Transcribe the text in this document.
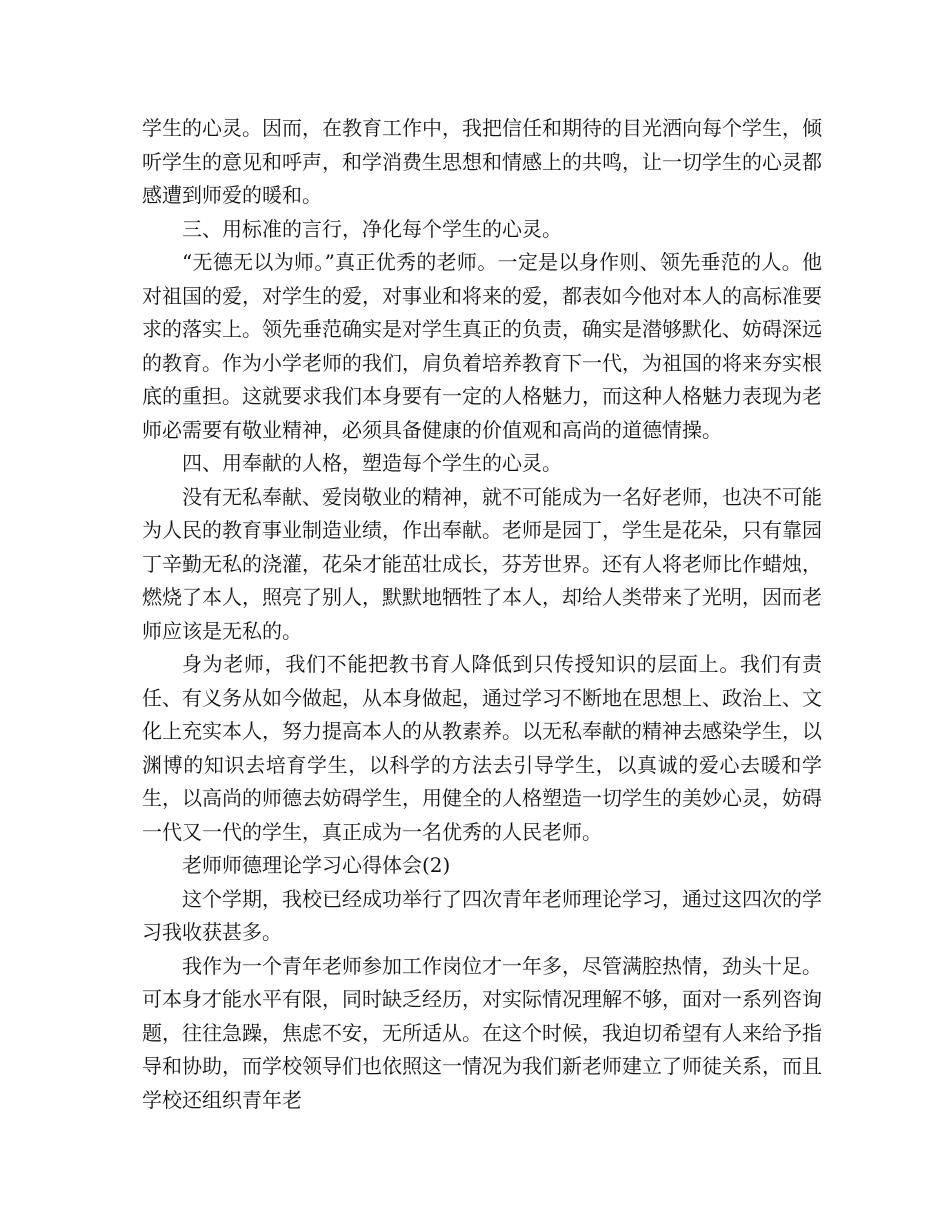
学生的心灵。因而，在教育工作中，我把信任和期待的目光洒向每个学生，倾听学生的意见和呼声，和学消费生思想和情感上的共鸣，让一切学生的心灵都感遭到师爱的暖和。

三、用标准的言行，净化每个学生的心灵。

“无德无以为师。”真正优秀的老师。一定是以身作则、领先垂范的人。他对祖国的爱，对学生的爱，对事业和将来的爱，都表如今他对本人的高标准要求的落实上。领先垂范确实是对学生真正的负责，确实是潜够默化、妨碍深远的教育。作为小学老师的我们，肩负着培养教育下一代，为祖国的将来夯实根底的重担。这就要求我们本身要有一定的人格魅力，而这种人格魅力表现为老师必需要有敬业精神，必须具备健康的价值观和高尚的道德情操。

四、用奉献的人格，塑造每个学生的心灵。

没有无私奉献、爱岗敬业的精神，就不可能成为一名好老师，也决不可能为人民的教育事业制造业绩，作出奉献。老师是园丁，学生是花朵，只有靠园丁辛勤无私的浇灌，花朵才能茁壮成长，芬芳世界。还有人将老师比作蜡烛，燃烧了本人，照亮了别人，默默地牺牲了本人，却给人类带来了光明，因而老师应该是无私的。

身为老师，我们不能把教书育人降低到只传授知识的层面上。我们有责任、有义务从如今做起，从本身做起，通过学习不断地在思想上、政治上、文化上充实本人，努力提高本人的从教素养。以无私奉献的精神去感染学生，以渊博的知识去培育学生，以科学的方法去引导学生，以真诚的爱心去暖和学生，以高尚的师德去妨碍学生，用健全的人格塑造一切学生的美妙心灵，妨碍一代又一代的学生，真正成为一名优秀的人民老师。

老师师德理论学习心得体会(2)

这个学期，我校已经成功举行了四次青年老师理论学习，通过这四次的学习我收获甚多。

我作为一个青年老师参加工作岗位才一年多，尽管满腔热情，劲头十足。可本身才能水平有限，同时缺乏经历，对实际情况理解不够，面对一系列咨询题，往往急躁，焦虑不安，无所适从。在这个时候，我迫切希望有人来给予指导和协助，而学校领导们也依照这一情况为我们新老师建立了师徒关系，而且学校还组织青年老
